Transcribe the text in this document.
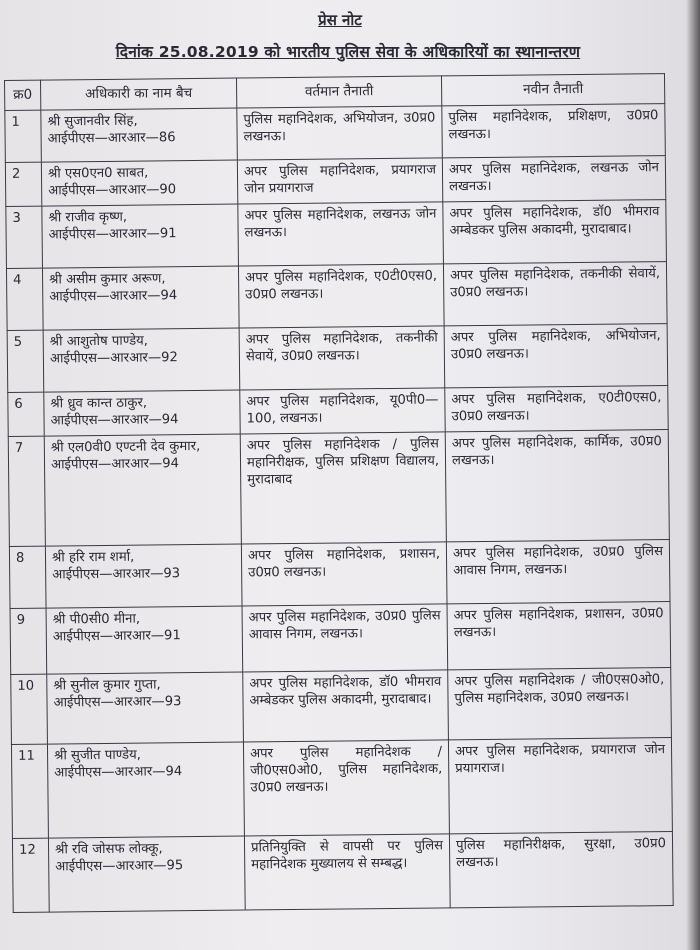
प्रेस नोट
दिनांक 25.08.2019 को भारतीय पुलिस सेवा के अधिकारियों का स्थानान्तरण
क्र0	अधिकारी का नाम बैच	वर्तमान तैनाती	नवीन तैनाती
1	श्री सुजानवीर सिंह,
आईपीएस—आरआर—86	पुलिस महानिदेशक, अभियोजन, उ0प्र0 लखनऊ।	पुलिस महानिदेशक, प्रशिक्षण, उ0प्र0 लखनऊ।
2	श्री एस0एन0 साबत,
आईपीएस—आरआर—90	अपर पुलिस महानिदेशक, प्रयागराज जोन प्रयागराज	अपर पुलिस महानिदेशक, लखनऊ जोन लखनऊ।
3	श्री राजीव कृष्ण,
आईपीएस—आरआर—91	अपर पुलिस महानिदेशक, लखनऊ जोन लखनऊ।	अपर पुलिस महानिदेशक, डॉ0 भीमराव अम्बेडकर पुलिस अकादमी, मुरादाबाद।
4	श्री असीम कुमार अरूण,
आईपीएस—आरआर—94	अपर पुलिस महानिदेशक, ए0टी0एस0, उ0प्र0 लखनऊ।	अपर पुलिस महानिदेशक, तकनीकी सेवायें, उ0प्र0 लखनऊ।
5	श्री आशुतोष पाण्डेय,
आईपीएस—आरआर—92	अपर पुलिस महानिदेशक, तकनीकी सेवायें, उ0प्र0 लखनऊ।	अपर पुलिस महानिदेशक, अभियोजन, उ0प्र0 लखनऊ।
6	श्री ध्रुव कान्त ठाकुर,
आईपीएस—आरआर—94	अपर पुलिस महानिदेशक, यू0पी0—100, लखनऊ।	अपर पुलिस महानिदेशक, ए0टी0एस0, उ0प्र0 लखनऊ।
7	श्री एल0वी0 एण्टनी देव कुमार,
आईपीएस—आरआर—94	अपर पुलिस महानिदेशक / पुलिस महानिरीक्षक, पुलिस प्रशिक्षण विद्यालय, मुरादाबाद	अपर पुलिस महानिदेशक, कार्मिक, उ0प्र0 लखनऊ।
8	श्री हरि राम शर्मा,
आईपीएस—आरआर—93	अपर पुलिस महानिदेशक, प्रशासन, उ0प्र0 लखनऊ।	अपर पुलिस महानिदेशक, उ0प्र0 पुलिस आवास निगम, लखनऊ।
9	श्री पी0सी0 मीना,
आईपीएस—आरआर—91	अपर पुलिस महानिदेशक, उ0प्र0 पुलिस आवास निगम, लखनऊ।	अपर पुलिस महानिदेशक, प्रशासन, उ0प्र0 लखनऊ।
10	श्री सुनील कुमार गुप्ता,
आईपीएस—आरआर—93	अपर पुलिस महानिदेशक, डॉ0 भीमराव अम्बेडकर पुलिस अकादमी, मुरादाबाद।	अपर पुलिस महानिदेशक / जी0एस0ओ0, पुलिस महानिदेशक, उ0प्र0 लखनऊ।
11	श्री सुजीत पाण्डेय,
आईपीएस—आरआर—94	अपर पुलिस महानिदेशक / जी0एस0ओ0, पुलिस महानिदेशक, उ0प्र0 लखनऊ।	अपर पुलिस महानिदेशक, प्रयागराज जोन प्रयागराज।
12	श्री रवि जोसफ लोक्कू,
आईपीएस—आरआर—95	प्रतिनियुक्ति से वापसी पर पुलिस महानिदेशक मुख्यालय से सम्बद्ध।	पुलिस महानिरीक्षक, सुरक्षा, उ0प्र0 लखनऊ।
